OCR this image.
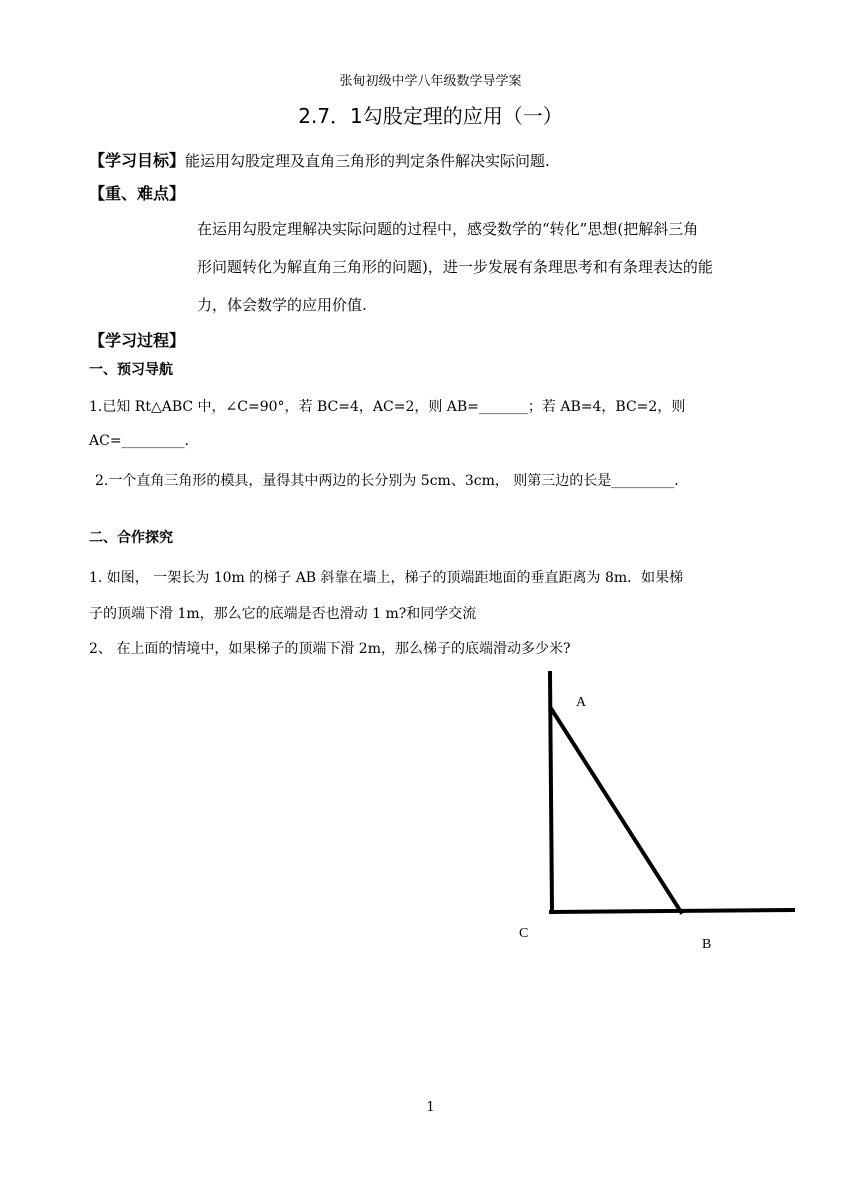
张甸初级中学八年级数学导学案
2.7．1勾股定理的应用（一）
【学习目标】能运用勾股定理及直角三角形的判定条件解决实际问题.
【重、难点】
在运用勾股定理解决实际问题的过程中，感受数学的“转化”思想(把解斜三角
形问题转化为解直角三角形的问题)，进一步发展有条理思考和有条理表达的能
力，体会数学的应用价值.
【学习过程】
一、预习导航
1.已知 Rt△ABC 中，∠C=90°，若 BC=4，AC=2，则 AB=_______；若 AB=4，BC=2，则
AC=_________.
2.一个直角三角形的模具，量得其中两边的长分别为 5cm、3cm， 则第三边的长是_________.
二、合作探究
1. 如图， 一架长为 10m 的梯子 AB 斜靠在墙上，梯子的顶端距地面的垂直距离为 8m．如果梯
子的顶端下滑 1m，那么它的底端是否也滑动 1 m?和同学交流
2、 在上面的情境中，如果梯子的顶端下滑 2m，那么梯子的底端滑动多少米?
A
C
B
1
